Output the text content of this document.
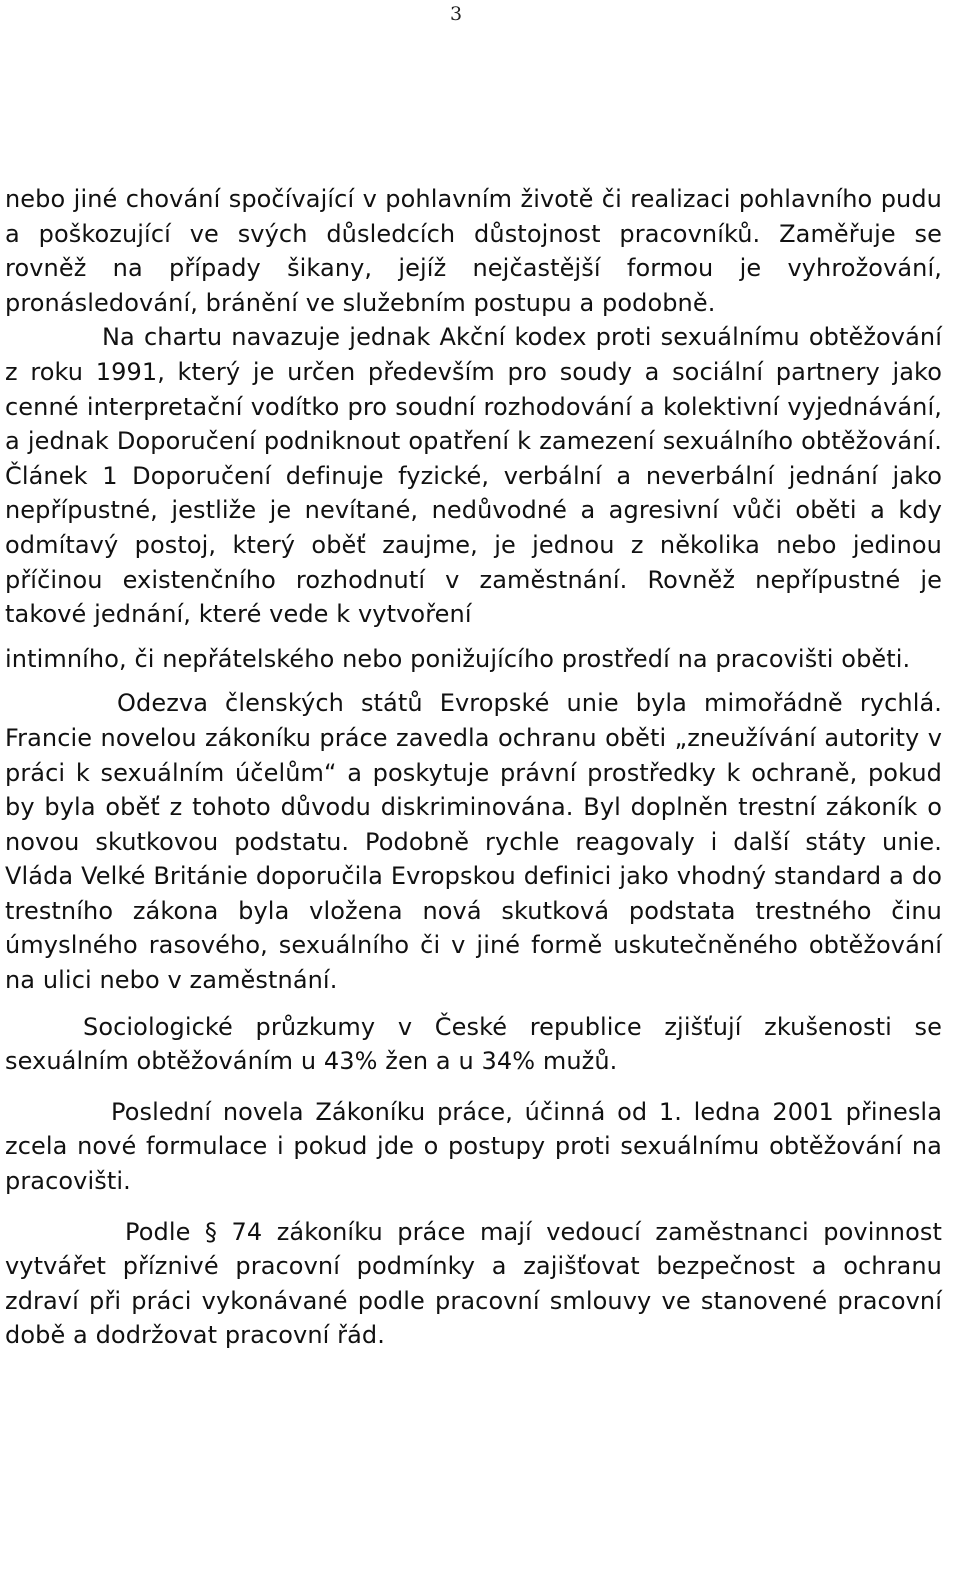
3

nebo jiné chování spočívající v pohlavním životě či realizaci pohlavního pudu a poškozující ve svých důsledcích důstojnost pracovníků. Zaměřuje se rovněž na případy šikany, jejíž nejčastější formou je vyhrožování, pronásledování, bránění ve služebním postupu a podobně.

Na chartu navazuje jednak Akční kodex proti sexuálnímu obtěžování z roku 1991, který je určen především pro soudy a sociální partnery jako cenné interpretační vodítko pro soudní rozhodování a kolektivní vyjednávání, a jednak Doporučení podniknout opatření k zamezení sexuálního obtěžování. Článek 1 Doporučení definuje fyzické, verbální a neverbální jednání jako nepřípustné, jestliže je nevítané, nedůvodné a agresivní vůči oběti a kdy odmítavý postoj, který oběť zaujme, je jednou z několika nebo jedinou příčinou existenčního rozhodnutí v zaměstnání. Rovněž nepřípustné je takové jednání, které vede k vytvoření

intimního, či nepřátelského nebo ponižujícího prostředí na pracovišti oběti.

Odezva členských států Evropské unie byla mimořádně rychlá. Francie novelou zákoníku práce zavedla ochranu oběti „zneužívání autority v práci k sexuálním účelům“ a poskytuje právní prostředky k ochraně, pokud by byla oběť z tohoto důvodu diskriminována. Byl doplněn trestní zákoník o novou skutkovou podstatu. Podobně rychle reagovaly i další státy unie. Vláda Velké Británie doporučila Evropskou definici jako vhodný standard a do trestního zákona byla vložena nová skutková podstata trestného činu úmyslného rasového, sexuálního či v jiné formě uskutečněného obtěžování na ulici nebo v zaměstnání.

Sociologické průzkumy v České republice zjišťují zkušenosti se sexuálním obtěžováním u 43% žen a u 34% mužů.

Poslední novela Zákoníku práce, účinná od 1. ledna 2001 přinesla zcela nové formulace i pokud jde o postupy proti sexuálnímu obtěžování na pracovišti.

Podle § 74 zákoníku práce mají vedoucí zaměstnanci povinnost vytvářet příznivé pracovní podmínky a zajišťovat bezpečnost a ochranu zdraví při práci vykonávané podle pracovní smlouvy ve stanovené pracovní době a dodržovat pracovní řád.
